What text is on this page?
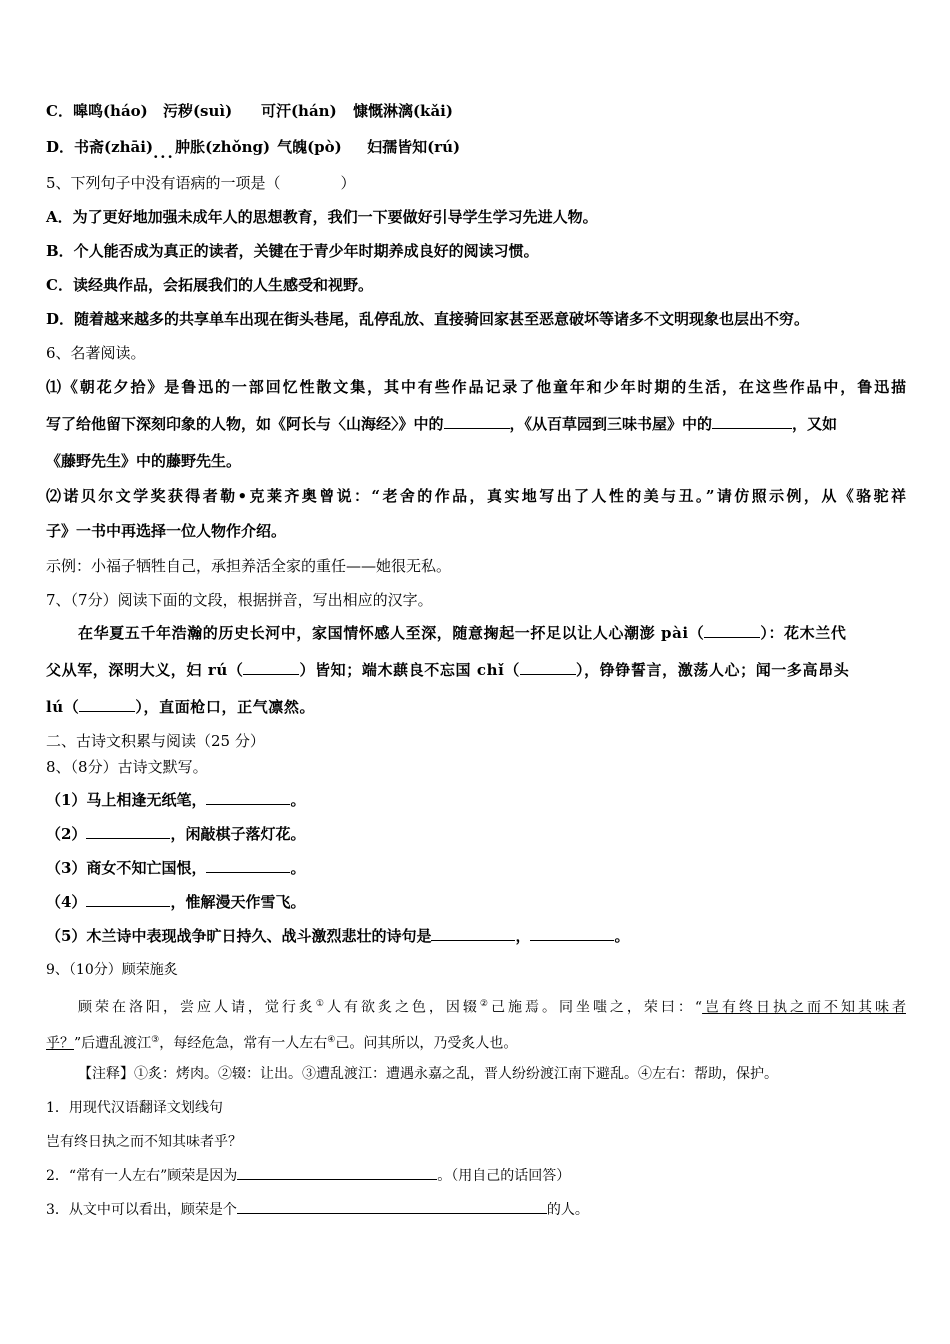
C．嗥鸣(háo) 污秽(suì) 可汗(hán) 慷慨淋漓(kǎi)
D．书斋(zhāi)...肿胀(zhǒng) 气魄(pò) 妇孺皆知(rú)
5、下列句子中没有语病的一项是（　　　　）
A．为了更好地加强未成年人的思想教育，我们一下要做好引导学生学习先进人物。
B．个人能否成为真正的读者，关键在于青少年时期养成良好的阅读习惯。
C．读经典作品，会拓展我们的人生感受和视野。
D．随着越来越多的共享单车出现在街头巷尾，乱停乱放、直接骑回家甚至恶意破坏等诸多不文明现象也层出不穷。
6、名著阅读。
⑴《朝花夕拾》是鲁迅的一部回忆性散文集，其中有些作品记录了他童年和少年时期的生活，在这些作品中，鲁迅描
写了给他留下深刻印象的人物，如《阿长与〈山海经〉》中的	，《从百草园到三味书屋》中的	，又如
《藤野先生》中的藤野先生。
⑵诺贝尔文学奖获得者勒•克莱齐奥曾说：“老舍的作品，真实地写出了人性的美与丑。”请仿照示例，从《骆驼祥
子》一书中再选择一位人物作介绍。
示例：小福子牺牲自己，承担养活全家的重任——她很无私。
7、（7分）阅读下面的文段，根据拼音，写出相应的汉字。
在华夏五千年浩瀚的历史长河中，家国情怀感人至深，随意掬起一抔足以让人心潮澎 pài（	）：花木兰代
父从军，深明大义，妇 rú（	）皆知；端木蕻良不忘国 chǐ（	），铮铮誓言，激荡人心；闻一多高昂头
lú（	），直面枪口，正气凛然。
二、古诗文积累与阅读（25 分）
8、（8分）古诗文默写。
（1）马上相逢无纸笔，	。
（2）	，闲敲棋子落灯花。
（3）商女不知亡国恨，	。
（4）	，惟解漫天作雪飞。
（5）木兰诗中表现战争旷日持久、战斗激烈悲壮的诗句是	，	。
9、（10分）顾荣施炙
顾荣在洛阳，尝应人请，觉行炙①人有欲炙之色，因辍②己施焉。同坐嗤之，荣曰：“岂有终日执之而不知其味者
乎？”后遭乱渡江③，每经危急，常有一人左右④己。问其所以，乃受炙人也。
【注释】①炙：烤肉。②辍：让出。③遭乱渡江：遭遇永嘉之乱，晋人纷纷渡江南下避乱。④左右：帮助，保护。
1．用现代汉语翻译文划线句
岂有终日执之而不知其味者乎？
2．“常有一人左右”顾荣是因为	。（用自己的话回答）
3．从文中可以看出，顾荣是个	的人。
